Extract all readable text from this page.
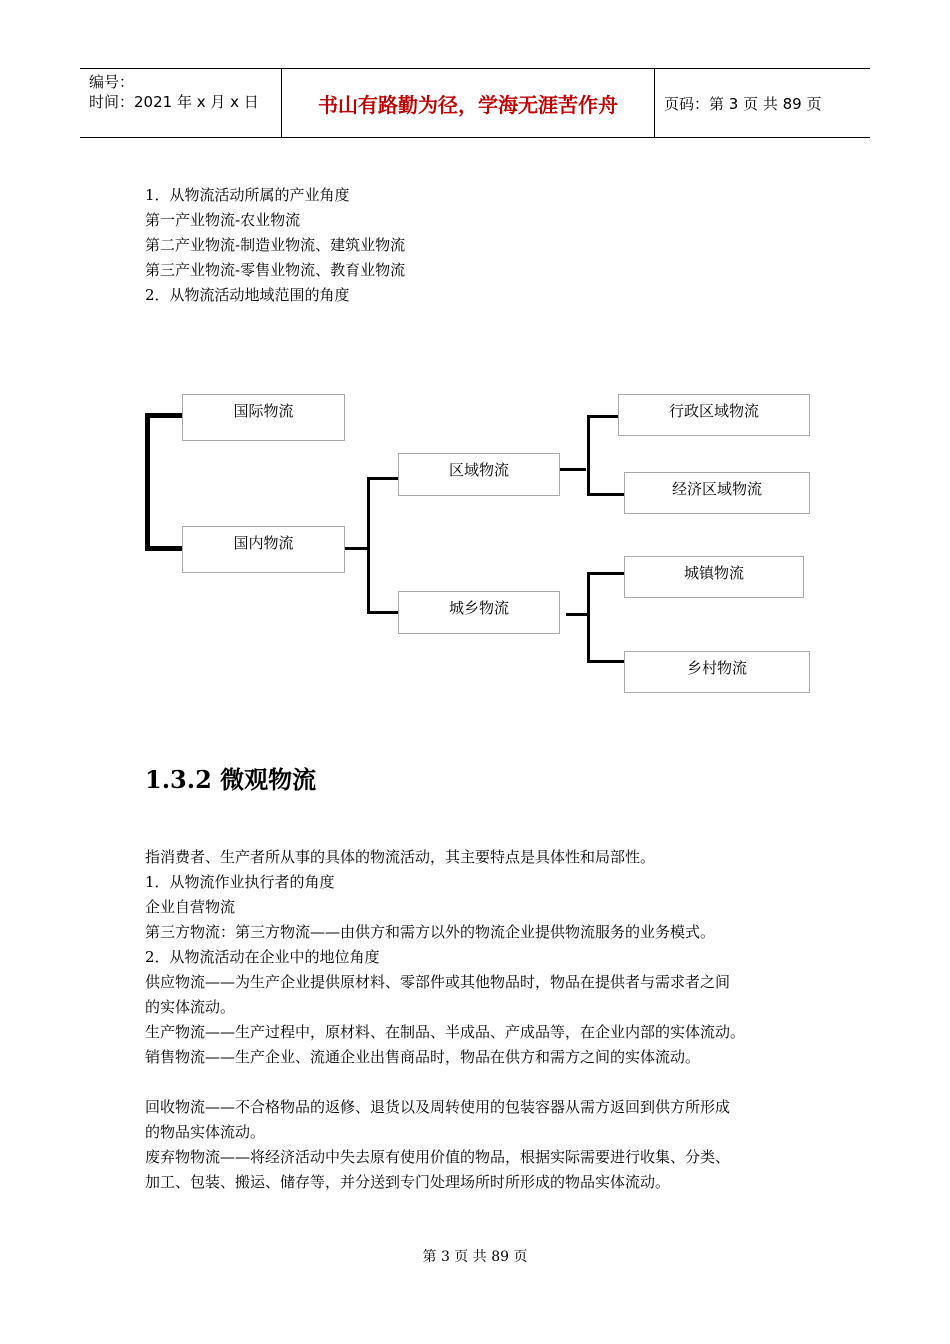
编号：
时间：2021 年 x 月 x 日	书山有路勤为径，学海无涯苦作舟	页码：第 3 页 共 89 页
1．从物流活动所属的产业角度
第一产业物流-农业物流
第二产业物流-制造业物流、建筑业物流
第三产业物流-零售业物流、教育业物流
2．从物流活动地域范围的角度
国际物流
国内物流
区域物流
城乡物流
行政区域物流
经济区域物流
城镇物流
乡村物流
1.3.2 微观物流
指消费者、生产者所从事的具体的物流活动，其主要特点是具体性和局部性。
1．从物流作业执行者的角度
企业自营物流
第三方物流：第三方物流——由供方和需方以外的物流企业提供物流服务的业务模式。
2．从物流活动在企业中的地位角度
供应物流——为生产企业提供原材料、零部件或其他物品时，物品在提供者与需求者之间
的实体流动。
生产物流——生产过程中，原材料、在制品、半成品、产成品等，在企业内部的实体流动。
销售物流——生产企业、流通企业出售商品时，物品在供方和需方之间的实体流动。
回收物流——不合格物品的返修、退货以及周转使用的包装容器从需方返回到供方所形成
的物品实体流动。
废弃物物流——将经济活动中失去原有使用价值的物品，根据实际需要进行收集、分类、
加工、包装、搬运、储存等，并分送到专门处理场所时所形成的物品实体流动。
第 3 页 共 89 页
